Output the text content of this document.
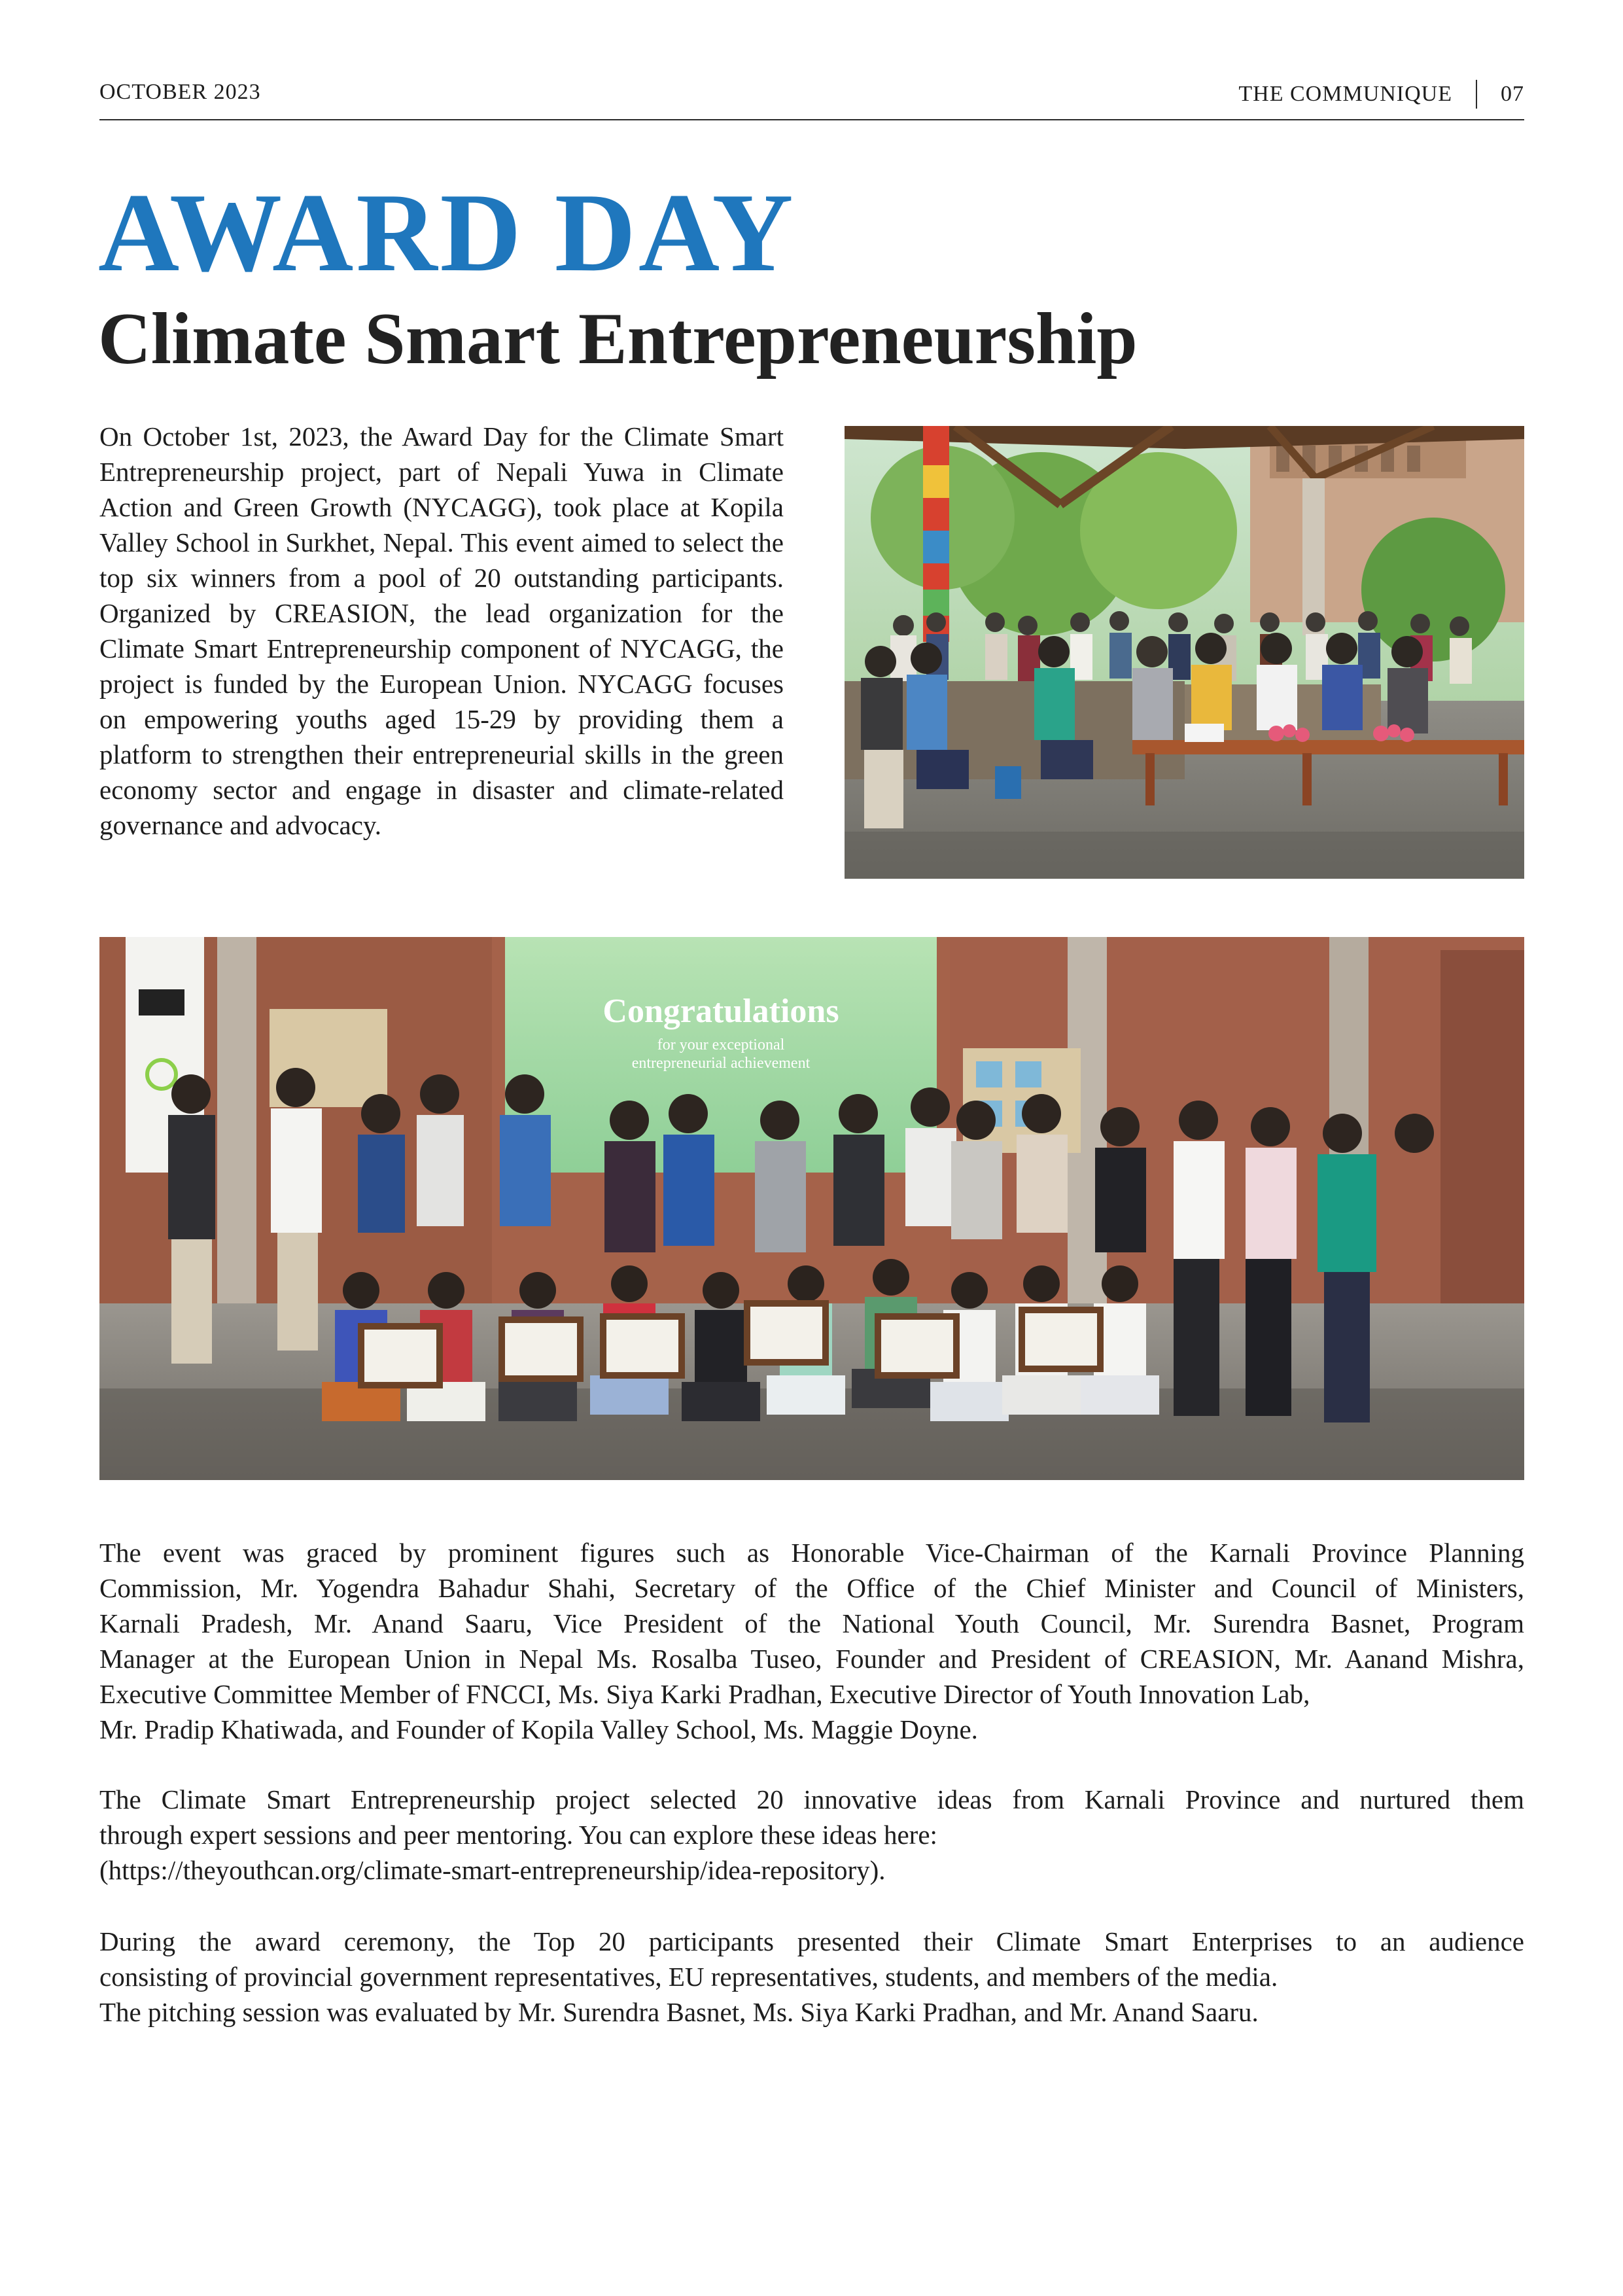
OCTOBER 2023	THE COMMUNIQUE 07
AWARD DAY
Climate Smart Entrepreneurship

On October 1st, 2023, the Award Day for the Climate Smart Entrepreneurship project, part of Nepali Yuwa in Climate Action and Green Growth (NYCAGG), took place at Kopila Valley School in Surkhet, Nepal. This event aimed to select the top six winners from a pool of 20 outstanding participants. Organized by CREASION, the lead organization for the Climate Smart Entrepreneurship component of NYCAGG, the project is funded by the European Union. NYCAGG focuses on empowering youths aged 15-29 by providing them a platform to strengthen their entrepreneurial skills in the green economy sector and engage in disaster and climate-related governance and advocacy.

Congratulations
for your exceptional
entrepreneurial achievement

The event was graced by prominent figures such as Honorable Vice-Chairman of the Karnali Province Planning
Commission, Mr. Yogendra Bahadur Shahi, Secretary of the Office of the Chief Minister and Council of Ministers,
Karnali Pradesh, Mr. Anand Saaru, Vice President of the National Youth Council, Mr. Surendra Basnet, Program
Manager at the European Union in Nepal Ms. Rosalba Tuseo, Founder and President of CREASION, Mr. Aanand Mishra,
Executive Committee Member of FNCCI, Ms. Siya Karki Pradhan, Executive Director of Youth Innovation Lab,
Mr. Pradip Khatiwada, and Founder of Kopila Valley School, Ms. Maggie Doyne.

The Climate Smart Entrepreneurship project selected 20 innovative ideas from Karnali Province and nurtured them
through expert sessions and peer mentoring. You can explore these ideas here:
(https://theyouthcan.org/climate-smart-entrepreneurship/idea-repository).

During the award ceremony, the Top 20 participants presented their Climate Smart Enterprises to an audience
consisting of provincial government representatives, EU representatives, students, and members of the media.
The pitching session was evaluated by Mr. Surendra Basnet, Ms. Siya Karki Pradhan, and Mr. Anand Saaru.
